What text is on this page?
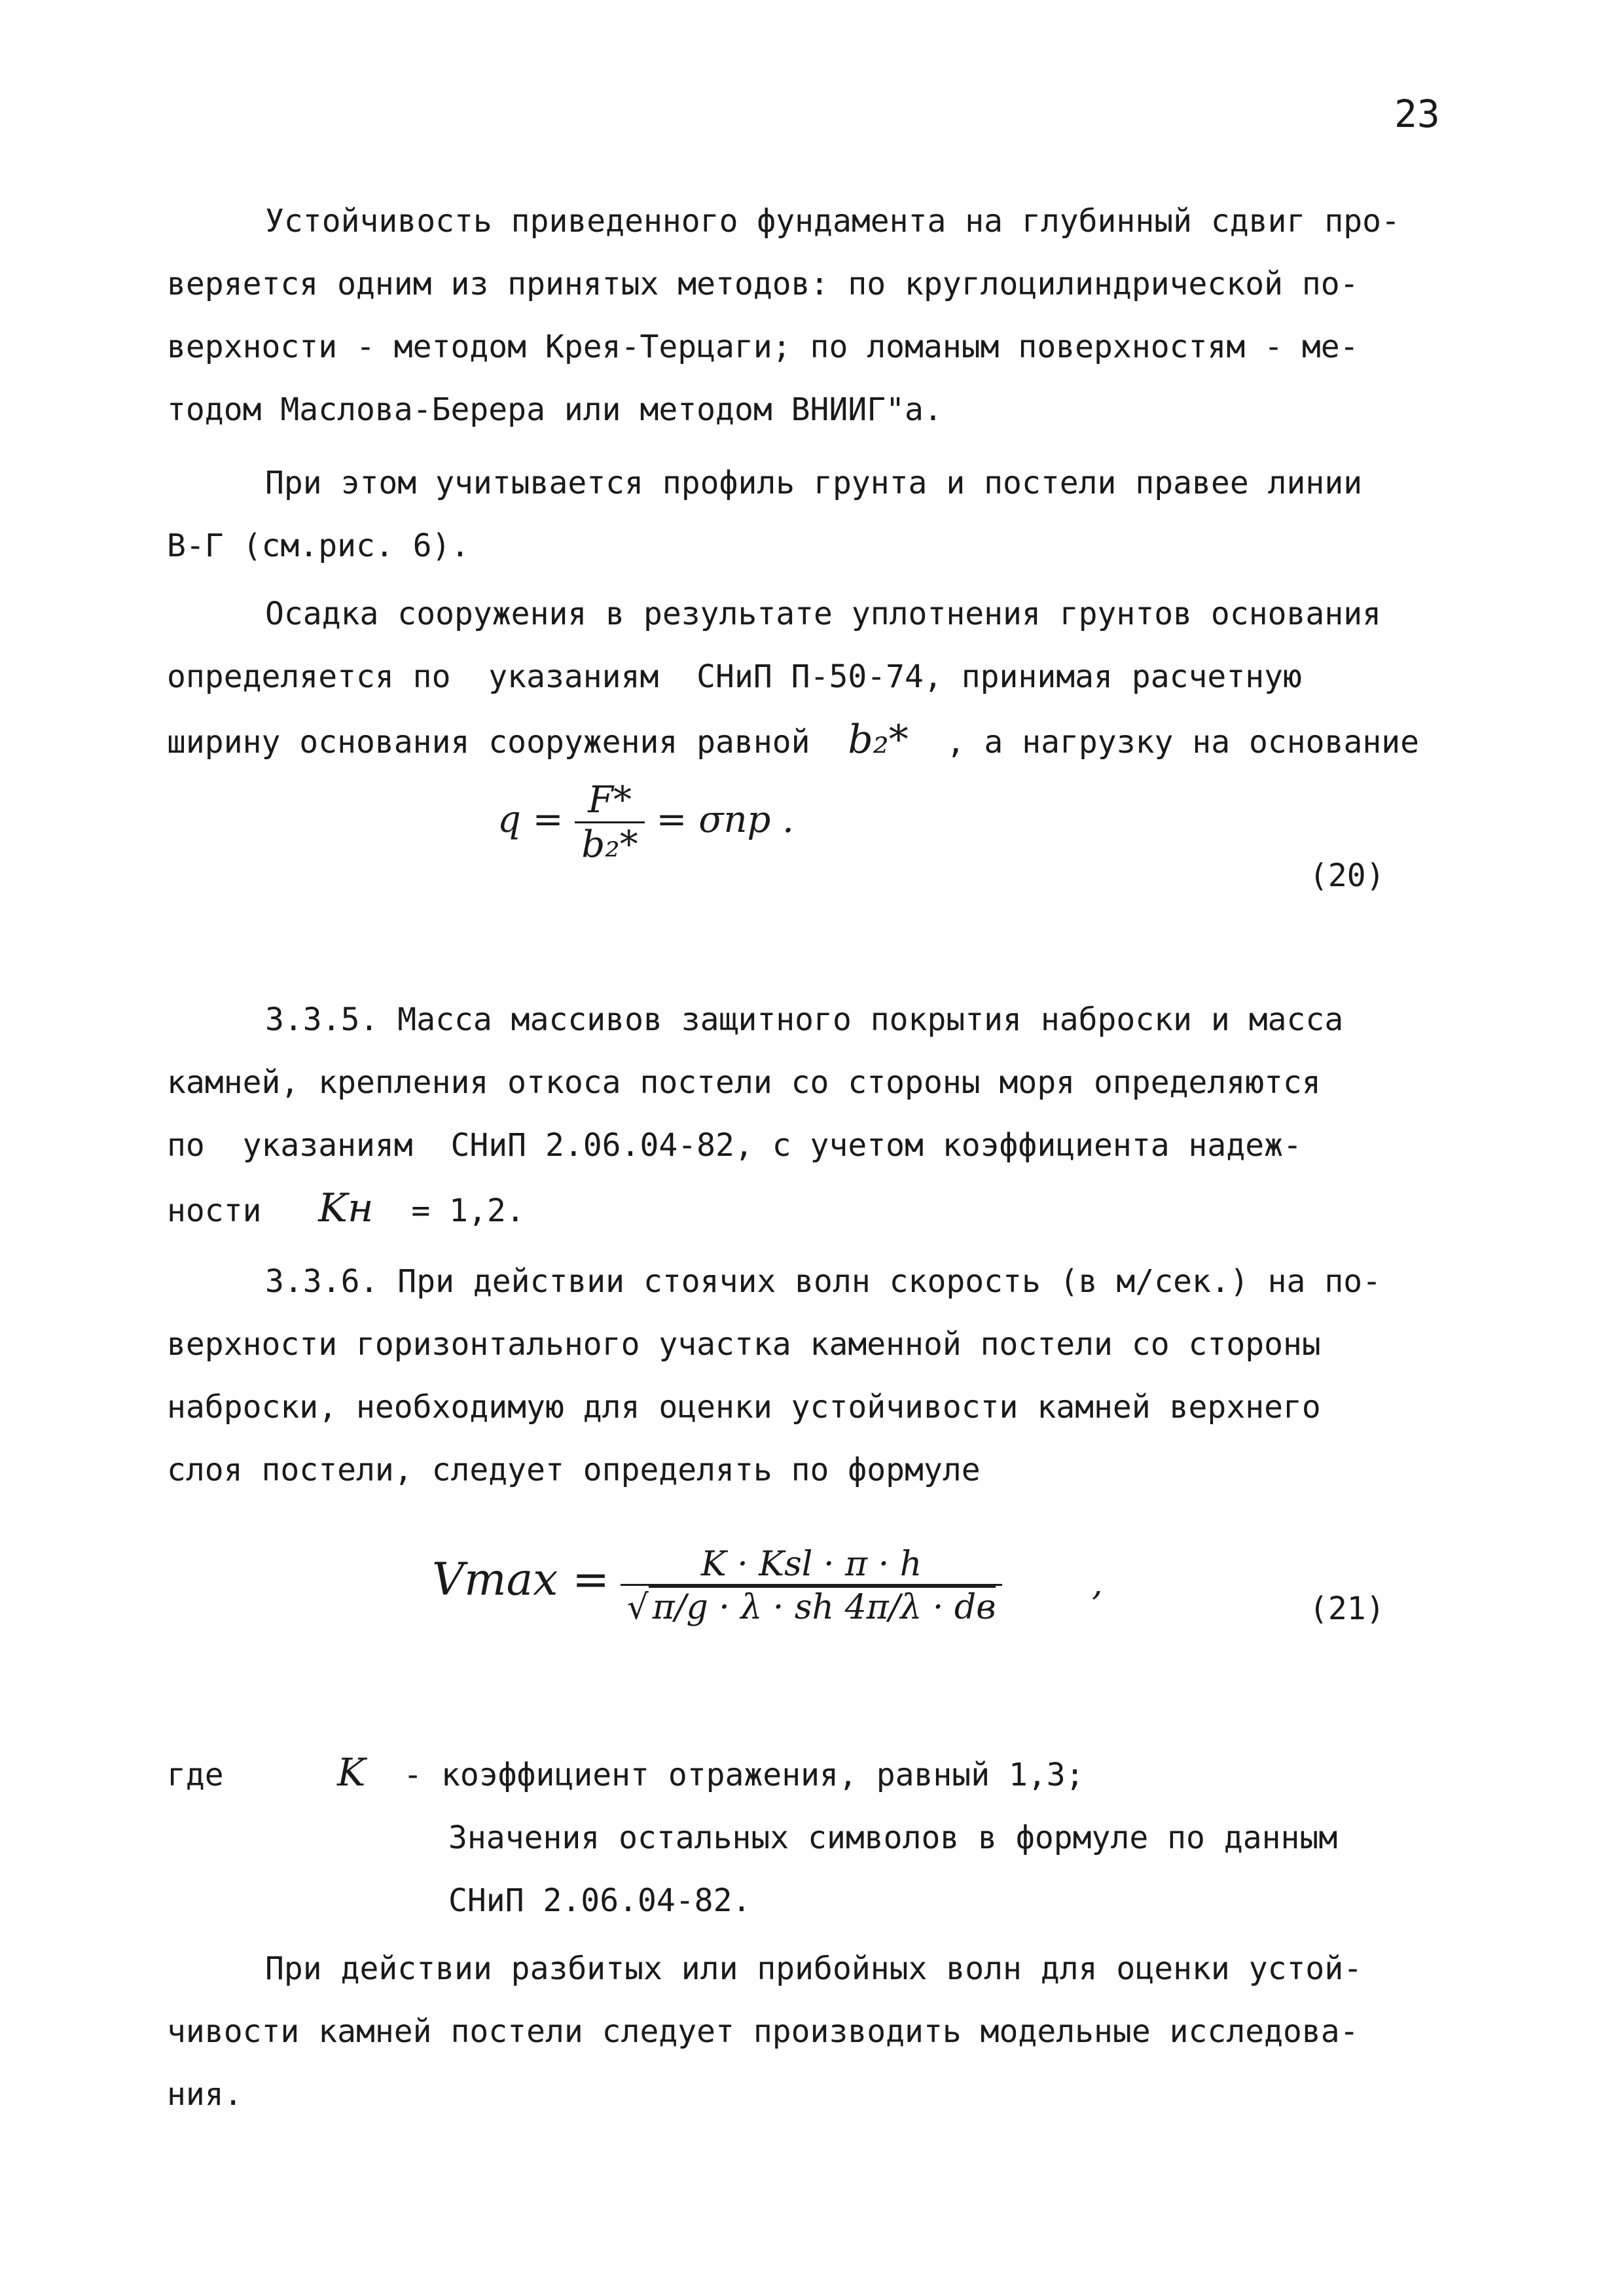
23
Устойчивость приведенного фундамента на глубинный сдвиг про-
веряется одним из принятых методов: по круглоцилиндрической по-
верхности - методом Крея-Терцаги; по ломаным поверхностям - ме-
тодом Маслова-Берера или методом ВНИИГ"а.
При этом учитывается профиль грунта и постели правее линии
В-Г (см.рис. 6).
Осадка сооружения в результате уплотнения грунтов основания
определяется по  указаниям  СНиП П-50-74, принимая расчетную
ширину основания сооружения равной b₂* , а нагрузку на основание
$q = \frac{F*}{\text{b₂*}} = \sigma пр$ .
(20)
3.3.5. Масса массивов защитного покрытия наброски и масса
камней, крепления откоса постели со стороны моря определяются
по  указаниям  СНиП 2.06.04-82, с учетом коэффициента надеж-
ности Kн = 1,2.
3.3.6. При действии стоячих волн скорость (в м/сек.) на по-
верхности горизонтального участка каменной постели со стороны
наброски, необходимую для оценки устойчивости камней верхнего
слоя постели, следует определять по формуле
$Vmax = \frac{\text{K · Ksl · π · h}}{√ \pi/g \cdot \lambda \cdot sh 4\pi/\lambda \cdot dв}$	,
(21)
где	K - коэффициент отражения, равный 1,3;
Значения остальных символов в формуле по данным
СНиП 2.06.04-82.
При действии разбитых или прибойных волн для оценки устой-
чивости камней постели следует производить модельные исследова-
ния.
